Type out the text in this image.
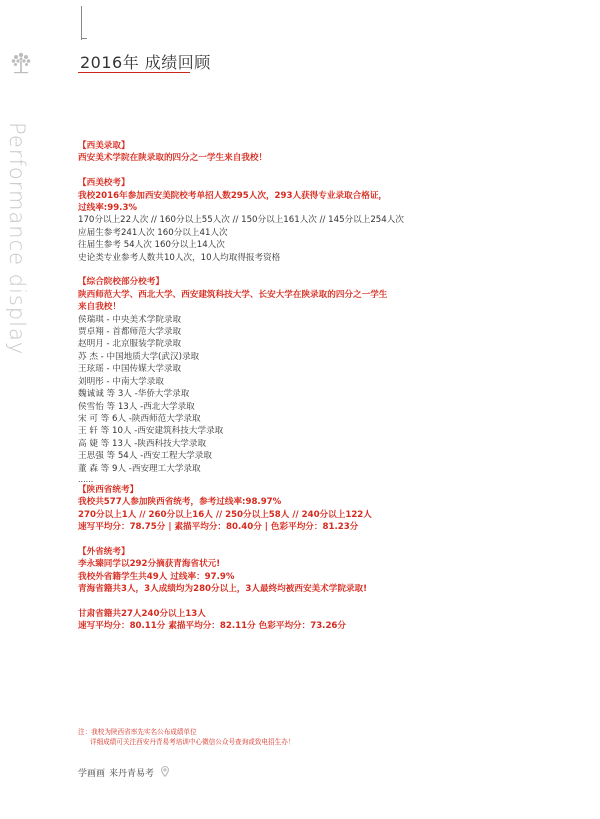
Performance display
2016年 成绩回顾
【西美录取】
西安美术学院在陕录取的四分之一学生来自我校！
【西美校考】
我校2016年参加西安美院校考单招人数295人次，293人获得专业录取合格证，过线率:99.3%
170分以上22人次 // 160分以上55人次 // 150分以上161人次 // 145分以上254人次
应届生参考241人次 160分以上41人次
往届生参考 54人次 160分以上14人次
史论类专业参考人数共10人次，10人均取得报考资格
【综合院校部分校考】
陕西师范大学、西北大学、西安建筑科技大学、长安大学在陕录取的四分之一学生来自我校！
侯瑞琪 - 中央美术学院录取
贾卓翔 - 首都师范大学录取
赵明月 - 北京服装学院录取
苏 杰 - 中国地质大学(武汉)录取
王玹瑶 - 中国传媒大学录取
刘明彤 - 中南大学录取
魏诚诚 等 3人 -华侨大学录取
侯雪怡 等 13人 -西北大学录取
宋 可 等 6人 -陕西师范大学录取
王 轩 等 10人 -西安建筑科技大学录取
高 婕 等 13人 -陕西科技大学录取
王思强 等 54人 -西安工程大学录取
董 森 等 9人 -西安理工大学录取
......
【陕西省统考】
我校共577人参加陕西省统考，参考过线率:98.97%
270分以上1人 // 260分以上16人 // 250分以上58人 // 240分以上122人
速写平均分：78.75分 | 素描平均分：80.40分 | 色彩平均分：81.23分
【外省统考】
李永臻同学以292分摘获青海省状元!
我校外省籍学生共49人 过线率：97.9%
青海省籍共3人，3人成绩均为280分以上，3人最终均被西安美术学院录取!
甘肃省籍共27人240分以上13人
速写平均分：80.11分 素描平均分：82.11分 色彩平均分：73.26分
注：我校为陕西省率先实名公布成绩单位
详细成绩可关注西安丹青易考培训中心微信公众号查询或致电招生办！
学画画 来丹青易考
